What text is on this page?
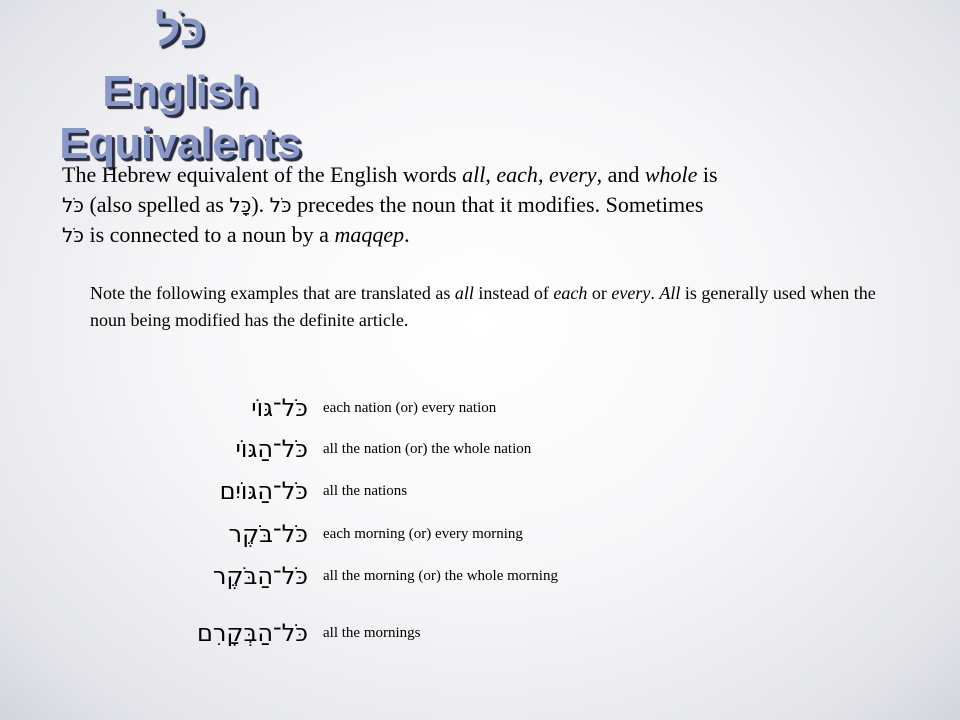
כֹּל
English Equivalents

The Hebrew equivalent of the English words all, each, every, and whole is
כֹּל (also spelled as כָּל). כֹּל precedes the noun that it modifies. Sometimes
כֹּל is connected to a noun by a maqqep.

Note the following examples that are translated as all instead of each or every. All is generally used when the noun being modified has the definite article.

כֹּל־גּוֹי each nation (or) every nation
כֹּל־הַגּוֹי all the nation (or) the whole nation
כֹּל־הַגּוֹיִם all the nations
כֹּל־בֹּקֶר each morning (or) every morning
כֹּל־הַבֹּקֶר all the morning (or) the whole morning
כֹּל־הַבְּקָרִם all the mornings
